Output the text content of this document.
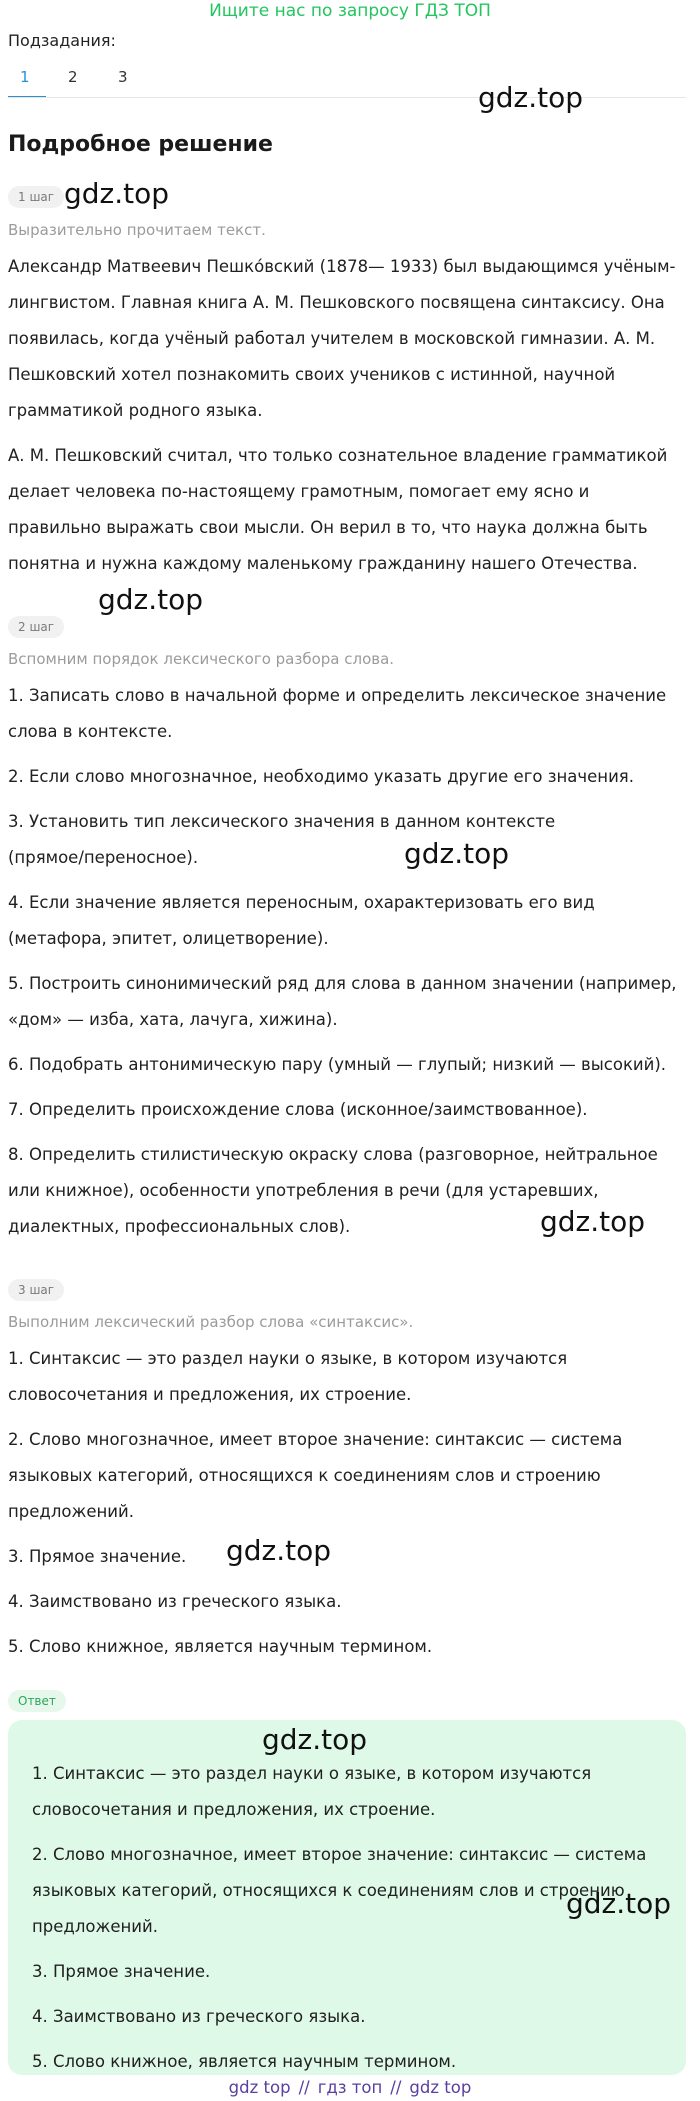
Ищите нас по запросу ГДЗ ТОП
Подзадания:
1	2	3
gdz.top
Подробное решение
1 шаг gdz.top
Выразительно прочитаем текст.
Александр Матвеевич Пешко́вский (1878— 1933) был выдающимся учёным-лингвистом. Главная книга А. М. Пешковского посвящена синтаксису. Она появилась, когда учёный работал учителем в московской гимназии. А. М. Пешковский хотел познакомить своих учеников с истинной, научной грамматикой родного языка.
А. М. Пешковский считал, что только сознательное владение грамматикой делает человека по-настоящему грамотным, помогает ему ясно и правильно выражать свои мысли. Он верил в то, что наука должна быть понятна и нужна каждому маленькому гражданину нашего Отечества.
gdz.top
2 шаг
Вспомним порядок лексического разбора слова.
1. Записать слово в начальной форме и определить лексическое значение слова в контексте.
2. Если слово многозначное, необходимо указать другие его значения.
3. Установить тип лексического значения в данном контексте (прямое/переносное).	gdz.top
4. Если значение является переносным, охарактеризовать его вид (метафора, эпитет, олицетворение).
5. Построить синонимический ряд для слова в данном значении (например, «дом» — изба, хата, лачуга, хижина).
6. Подобрать антонимическую пару (умный — глупый; низкий — высокий).
7. Определить происхождение слова (исконное/заимствованное).
8. Определить стилистическую окраску слова (разговорное, нейтральное или книжное), особенности употребления в речи (для устаревших, диалектных, профессиональных слов).	gdz.top
3 шаг
Выполним лексический разбор слова «синтаксис».
1. Синтаксис — это раздел науки о языке, в котором изучаются словосочетания и предложения, их строение.
2. Слово многозначное, имеет второе значение: синтаксис — система языковых категорий, относящихся к соединениям слов и строению предложений.
3. Прямое значение.	gdz.top
4. Заимствовано из греческого языка.
5. Слово книжное, является научным термином.
Ответ
gdz.top
1. Синтаксис — это раздел науки о языке, в котором изучаются словосочетания и предложения, их строение.
2. Слово многозначное, имеет второе значение: синтаксис — система языковых категорий, относящихся к соединениям слов и строению предложений.
gdz.top
3. Прямое значение.
4. Заимствовано из греческого языка.
5. Слово книжное, является научным термином.
gdz top // гдз топ // gdz top
